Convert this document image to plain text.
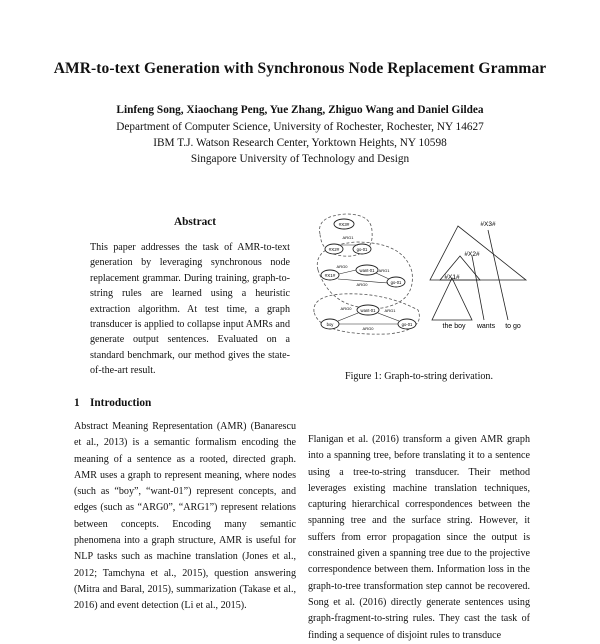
AMR-to-text Generation with Synchronous Node Replacement Grammar
Linfeng Song, Xiaochang Peng, Yue Zhang, Zhiguo Wang and Daniel Gildea
Department of Computer Science, University of Rochester, Rochester, NY 14627
IBM T.J. Watson Research Center, Yorktown Heights, NY 10598
Singapore University of Technology and Design
Abstract
This paper addresses the task of AMR-to-text generation by leveraging synchronous node replacement grammar. During training, graph-to-string rules are learned using a heuristic extraction algorithm. At test time, a graph transducer is applied to collapse input AMRs and generate output sentences. Evaluated on a standard benchmark, our method gives the state-of-the-art result.
#X3#
#X2#	go-01
ARG1
#X1#
want-01
go-01
ARG0
ARG1
ARG0
want-01
boy	go-01
ARG0	ARG1
ARG0
#X3#
#X2#
#X1#
the boy wants to go
Figure 1: Graph-to-string derivation.
1 Introduction

Abstract Meaning Representation (AMR) (Banarescu et al., 2013) is a semantic formalism encoding the meaning of a sentence as a rooted, directed graph. AMR uses a graph to represent meaning, where nodes (such as “boy”, “want-01”) represent concepts, and edges (such as “ARG0”, “ARG1”) represent relations between concepts. Encoding many semantic phenomena into a graph structure, AMR is useful for NLP tasks such as machine translation (Jones et al., 2012; Tamchyna et al., 2015), question answering (Mitra and Baral, 2015), summarization (Takase et al., 2016) and event detection (Li et al., 2015).

Flanigan et al. (2016) transform a given AMR graph into a spanning tree, before translating it to a sentence using a tree-to-string transducer. Their method leverages existing machine translation techniques, capturing hierarchical correspondences between the spanning tree and the surface string. However, it suffers from error propagation since the output is constrained given a spanning tree due to the projective correspondence between them. Information loss in the graph-to-tree transformation step cannot be recovered. Song et al. (2016) directly generate sentences using graph-fragment-to-string rules. They cast the task of finding a sequence of disjoint rules to transduce
